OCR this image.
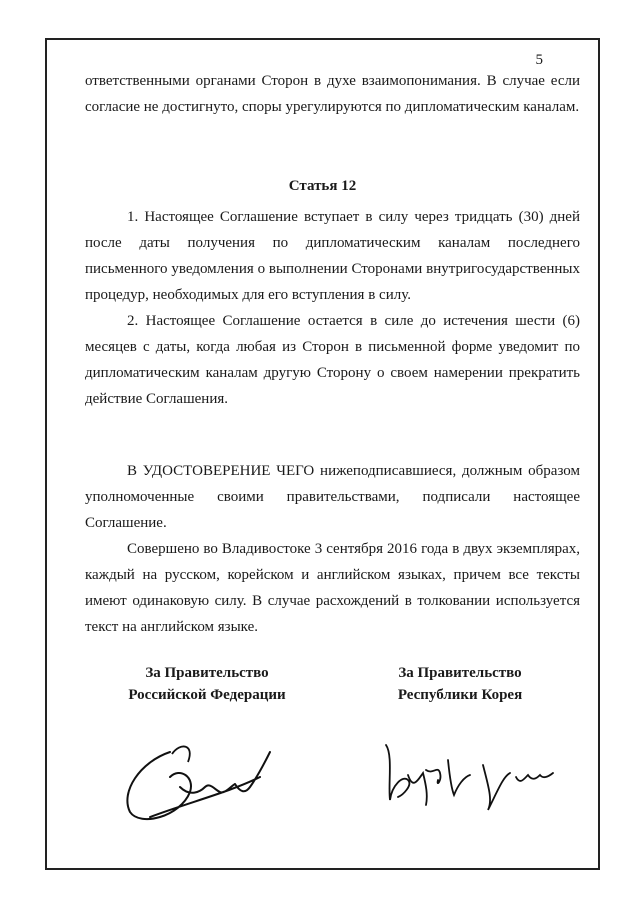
5

ответственными органами Сторон в духе взаимопонимания. В случае если согласие не достигнуто, споры урегулируются по дипломатическим каналам.

Статья 12

1. Настоящее Соглашение вступает в силу через тридцать (30) дней после даты получения по дипломатическим каналам последнего письменного уведомления о выполнении Сторонами внутригосударственных процедур, необходимых для его вступления в силу.

2. Настоящее Соглашение остается в силе до истечения шести (6) месяцев с даты, когда любая из Сторон в письменной форме уведомит по дипломатическим каналам другую Сторону о своем намерении прекратить действие Соглашения.

В УДОСТОВЕРЕНИЕ ЧЕГО нижеподписавшиеся, должным образом уполномоченные своими правительствами, подписали настоящее Соглашение.

Совершено во Владивостоке 3 сентября 2016 года в двух экземплярах, каждый на русском, корейском и английском языках, причем все тексты имеют одинаковую силу. В случае расхождений в толковании используется текст на английском языке.

За Правительство
Российской Федерации
За Правительство
Республики Корея
